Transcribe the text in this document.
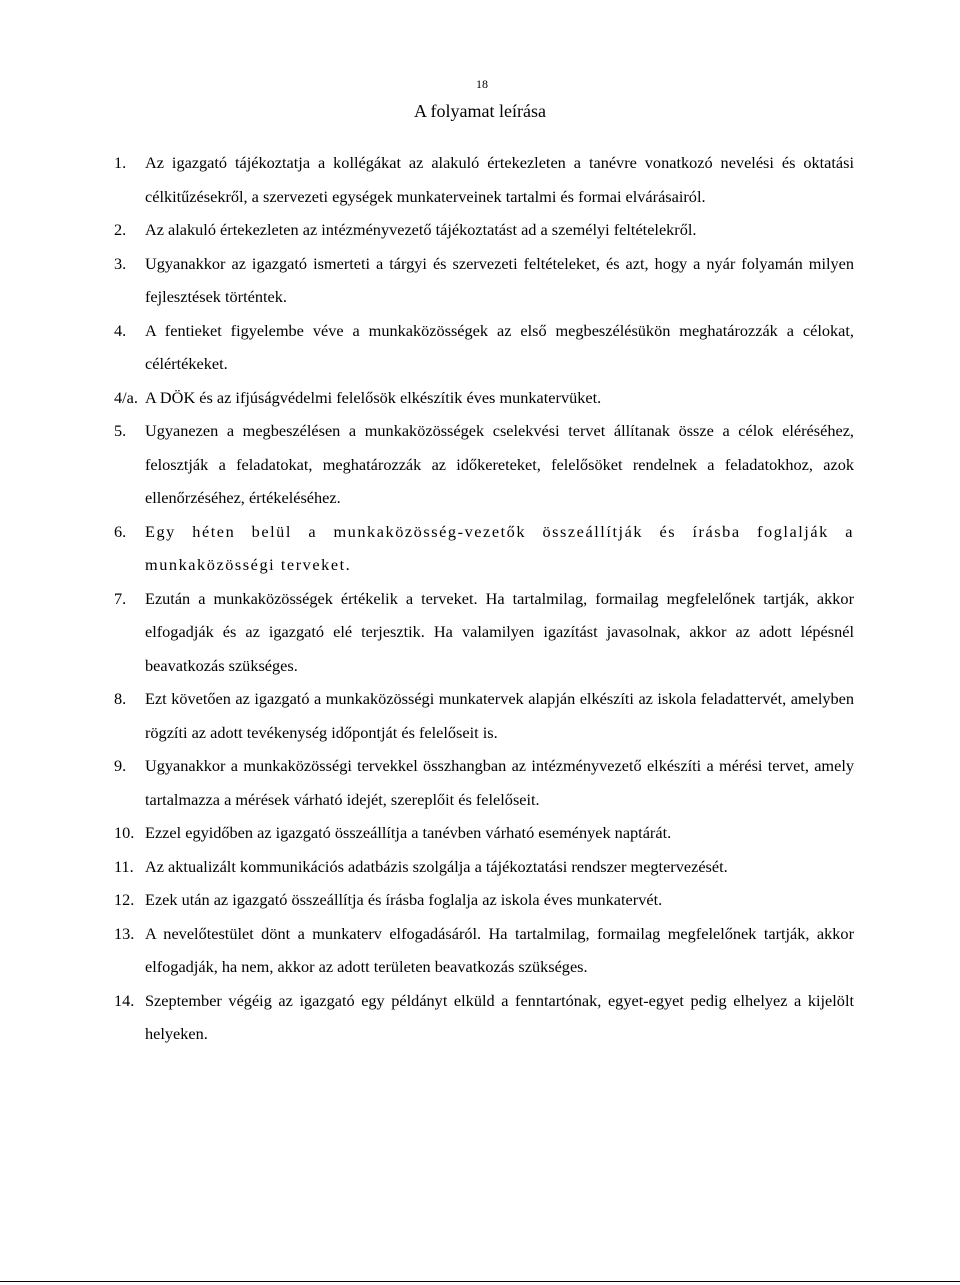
18
A folyamat leírása
1. Az igazgató tájékoztatja a kollégákat az alakuló értekezleten a tanévre vonatkozó nevelési és oktatási célkitűzésekről, a szervezeti egységek munkaterveinek tartalmi és formai elvárásairól.
2. Az alakuló értekezleten az intézményvezető tájékoztatást ad a személyi feltételekről.
3. Ugyanakkor az igazgató ismerteti a tárgyi és szervezeti feltételeket, és azt, hogy a nyár folyamán milyen fejlesztések történtek.
4. A fentieket figyelembe véve a munkaközösségek az első megbeszélésükön meghatározzák a célokat, célértékeket.
4/a. A DÖK és az ifjúságvédelmi felelősök elkészítik éves munkatervüket.
5. Ugyanezen a megbeszélésen a munkaközösségek cselekvési tervet állítanak össze a célok eléréséhez, felosztják a feladatokat, meghatározzák az időkereteket, felelősöket rendelnek a feladatokhoz, azok ellenőrzéséhez, értékeléséhez.
6. Egy héten belül a munkaközösség-vezetők összeállítják és írásba foglalják a munkaközösségi terveket.
7. Ezután a munkaközösségek értékelik a terveket. Ha tartalmilag, formailag megfelelőnek tartják, akkor elfogadják és az igazgató elé terjesztik. Ha valamilyen igazítást javasolnak, akkor az adott lépésnél beavatkozás szükséges.
8. Ezt követően az igazgató a munkaközösségi munkatervek alapján elkészíti az iskola feladattervét, amelyben rögzíti az adott tevékenység időpontját és felelőseit is.
9. Ugyanakkor a munkaközösségi tervekkel összhangban az intézményvezető elkészíti a mérési tervet, amely tartalmazza a mérések várható idejét, szereplőit és felelőseit.
10. Ezzel egyidőben az igazgató összeállítja a tanévben várható események naptárát.
11. Az aktualizált kommunikációs adatbázis szolgálja a tájékoztatási rendszer megtervezését.
12. Ezek után az igazgató összeállítja és írásba foglalja az iskola éves munkatervét.
13. A nevelőtestület dönt a munkaterv elfogadásáról. Ha tartalmilag, formailag megfelelőnek tartják, akkor elfogadják, ha nem, akkor az adott területen beavatkozás szükséges.
14. Szeptember végéig az igazgató egy példányt elküld a fenntartónak, egyet-egyet pedig elhelyez a kijelölt helyeken.
